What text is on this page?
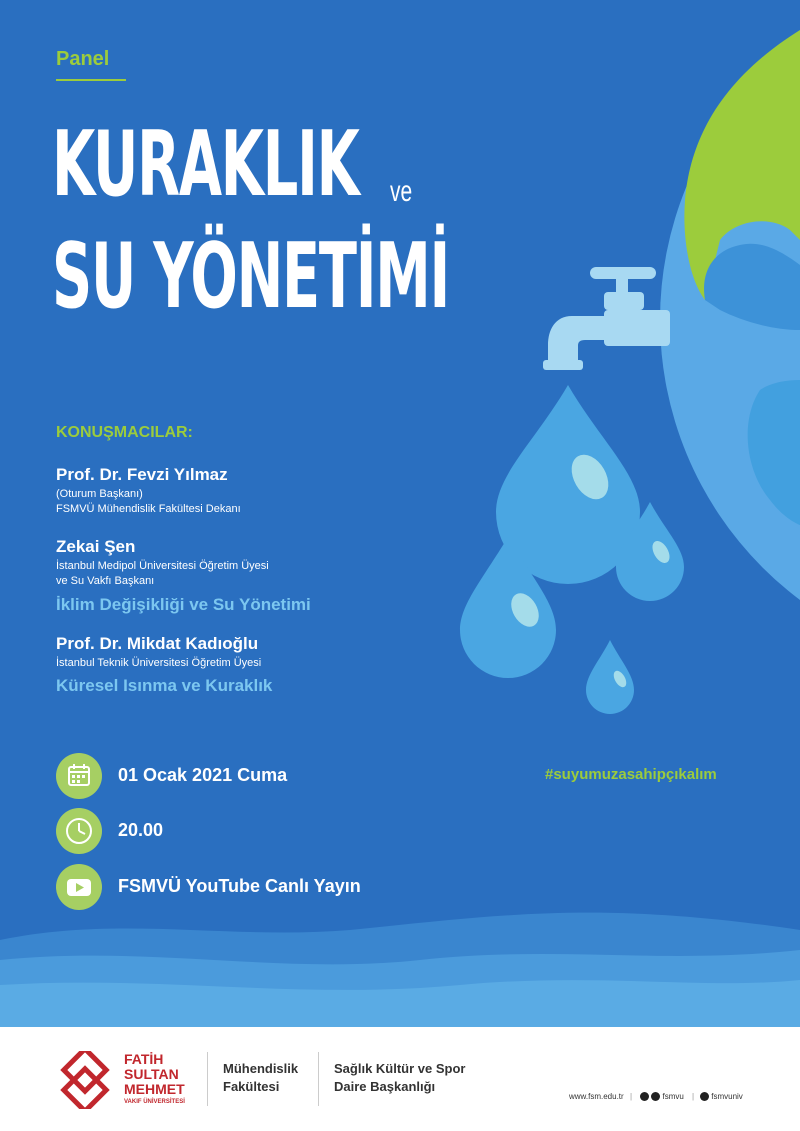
Panel
KURAKLIK ve
SU YÖNETİMİ
KONUŞMACILAR:
Prof. Dr. Fevzi Yılmaz
(Oturum Başkanı)
FSMVÜ Mühendislik Fakültesi Dekanı
Zekai Şen
İstanbul Medipol Üniversitesi Öğretim Üyesi
ve Su Vakfı Başkanı
İklim Değişikliği ve Su Yönetimi
Prof. Dr. Mikdat Kadıoğlu
İstanbul Teknik Üniversitesi Öğretim Üyesi
Küresel Isınma ve Kuraklık
01 Ocak 2021 Cuma
20.00
FSMVÜ YouTube Canlı Yayın
#suyumuzasahipçıkalım
FATİH
SULTAN
MEHMET
VAKIF ÜNİVERSİTESİ
Mühendislik
Fakültesi
Sağlık Kültür ve Spor
Daire Başkanlığı
www.fsm.edu.tr |	fsmvu |	fsmvuniv
